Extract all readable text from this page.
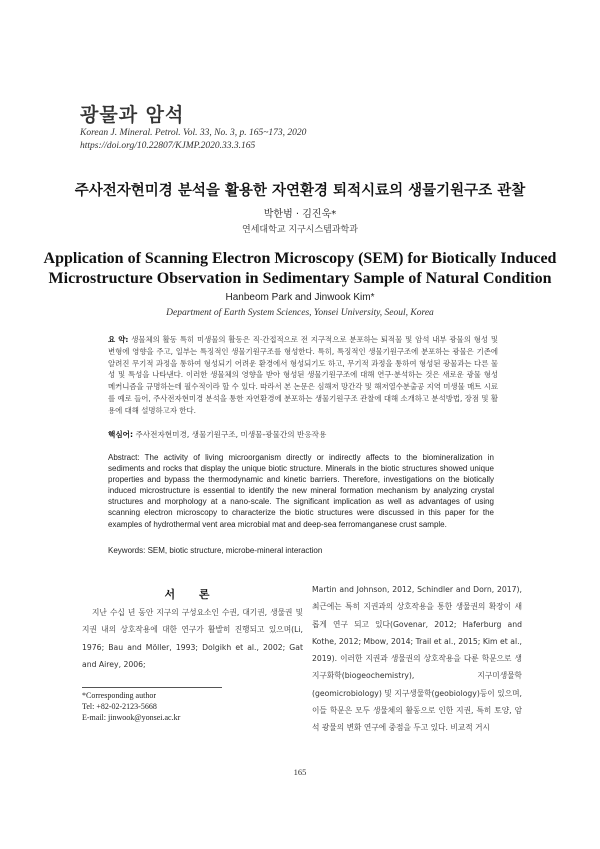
광물과 암석
Korean J. Mineral. Petrol. Vol. 33, No. 3, p. 165~173, 2020
https://doi.org/10.22807/KJMP.2020.33.3.165
주사전자현미경 분석을 활용한 자연환경 퇴적시료의 생물기원구조 관찰
박한범 · 김진욱*
연세대학교 지구시스템과학과
Application of Scanning Electron Microscopy (SEM) for Biotically Induced
Microstructure Observation in Sedimentary Sample of Natural Condition
Hanbeom Park and Jinwook Kim*
Department of Earth System Sciences, Yonsei University, Seoul, Korea
요 약: 생물체의 활동 특히 미생물의 활동은 직·간접적으로 전 지구적으로 분포하는 퇴적물 및 암석 내부 광물의 형성 및 변형에 영향을 주고, 일부는 특징적인 생물기원구조를 형성한다. 특히, 특징적인 생물기원구조에 분포하는 광물은 기존에 알려진 무기적 과정을 통하여 형성되기 어려운 환경에서 형성되기도 하고, 무기적 과정을 통하여 형성된 광물과는 다른 물성 및 특성을 나타낸다. 이러한 생물체의 영향을 받아 형성된 생물기원구조에 대해 연구·분석하는 것은 새로운 광물 형성 메커니즘을 규명하는데 필수적이라 할 수 있다. 따라서 본 논문은 심해저 망간각 및 해저열수분출공 지역 미생물 매트 시료를 예로 들어, 주사전자현미경 분석을 통한 자연환경에 분포하는 생물기원구조 관찰에 대해 소개하고 분석방법, 장점 및 활용에 대해 설명하고자 한다.
핵심어: 주사전자현미경, 생물기원구조, 미생물-광물간의 반응작용
Abstract: The activity of living microorganism directly or indirectly affects to the biomineralization in sediments and rocks that display the unique biotic structure. Minerals in the biotic structures showed unique properties and bypass the thermodynamic and kinetic barriers. Therefore, investigations on the biotically induced microstructure is essential to identify the new mineral formation mechanism by analyzing crystal structures and morphology at a nano-scale. The significant implication as well as advantages of using scanning electron microscopy to characterize the biotic structures were discussed in this paper for the examples of hydrothermal vent area microbial mat and deep-sea ferromanganese crust sample.
Keywords: SEM, biotic structure, microbe-mineral interaction
서 론
지난 수십 년 동안 지구의 구성요소인 수권, 대기권, 생물권 및 지권 내의 상호작용에 대한 연구가 활발히 진행되고 있으며(Li, 1976; Bau and Möller, 1993; Dolgikh et al., 2002; Gat and Airey, 2006;
Martin and Johnson, 2012, Schindler and Dorn, 2017), 최근에는 특히 지권과의 상호작용을 통한 생물권의 확장이 새롭게 연구 되고 있다(Govenar, 2012; Haferburg and Kothe, 2012; Mbow, 2014; Trail et al., 2015; Kim et al., 2019). 이러한 지권과 생물권의 상호작용을 다룬 학문으로 생지구화학(biogeochemistry), 지구미생물학(geomicrobiology) 및 지구생물학(geobiology)등이 있으며, 이들 학문은 모두 생물체의 활동으로 인한 지권, 특히 토양, 암석 광물의 변화 연구에 중점을 두고 있다. 비교적 거시
*Corresponding author
Tel: +82-02-2123-5668
E-mail: jinwook@yonsei.ac.kr
165
